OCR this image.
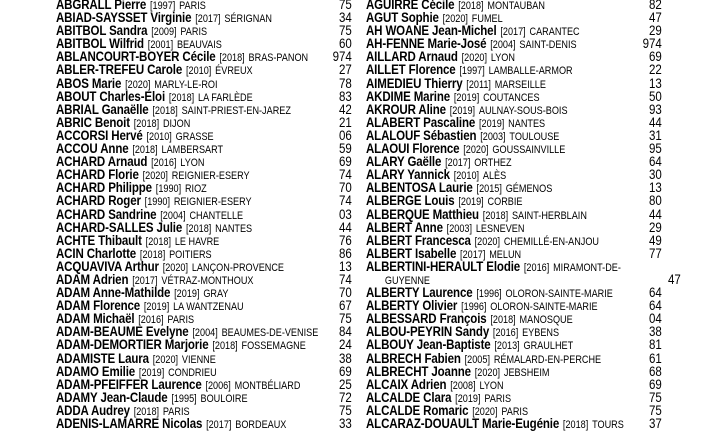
ABGRALL Pierre [1997] PARIS	75
ABIAD-SAYSSET Virginie [2017] SÉRIGNAN	34
ABITBOL Sandra [2009] PARIS	75
ABITBOL Wilfrid [2001] BEAUVAIS	60
ABLANCOURT-BOYER Cécile [2018] BRAS-PANON 974
ABLER-TREFEU Carole [2010] ÉVREUX	27
ABOS Marie [2020] MARLY-LE-ROI	78
ABOUT Charles-Eloi [2018] LA FARLÈDE	83
ABRIAL Ganaëlle [2018] SAINT-PRIEST-EN-JAREZ	42
ABRIC Benoit [2018] DIJON	21
ACCORSI Hervé [2010] GRASSE	06
ACCOU Anne [2018] LAMBERSART	59
ACHARD Arnaud [2016] LYON	69
ACHARD Florie [2020] REIGNIER-ESERY	74
ACHARD Philippe [1990] RIOZ	70
ACHARD Roger [1990] REIGNIER-ESERY	74
ACHARD Sandrine [2004] CHANTELLE	03
ACHARD-SALLES Julie [2018] NANTES	44
ACHTE Thibault [2018] LE HAVRE	76
ACIN Charlotte [2018] POITIERS	86
ACQUAVIVA Arthur [2020] LANÇON-PROVENCE	13
ADAM Adrien [2017] VÉTRAZ-MONTHOUX	74
ADAM Anne-Mathilde [2019] GRAY	70
ADAM Florence [2019] LA WANTZENAU	67
ADAM Michaël [2016] PARIS	75
ADAM-BEAUME Evelyne [2004] BEAUMES-DE-VENISE 84
ADAM-DEMORTIER Marjorie [2018] FOSSEMAGNE 24
ADAMISTE Laura [2020] VIENNE	38
ADAMO Emilie [2019] CONDRIEU	69
ADAM-PFEIFFER Laurence [2006] MONTBÉLIARD	25
ADAMY Jean-Claude [1995] BOULOIRE	72
ADDA Audrey [2018] PARIS	75
ADENIS-LAMARRE Nicolas [2017] BORDEAUX	33
AGUIRRE Cécile [2018] MONTAUBAN	82
AGUT Sophie [2020] FUMEL	47
AH WOANE Jean-Michel [2017] CARANTEC	29
AH-FENNE Marie-José [2004] SAINT-DENIS	974
AILLARD Arnaud [2020] LYON	69
AILLET Florence [1997] LAMBALLE-ARMOR	22
AIMEDIEU Thierry [2011] MARSEILLE	13
AKDIME Marine [2019] COUTANCES	50
AKROUR Aline [2019] AULNAY-SOUS-BOIS	93
ALABERT Pascaline [2019] NANTES	44
ALALOUF Sébastien [2003] TOULOUSE	31
ALAOUI Florence [2020] GOUSSAINVILLE	95
ALARY Gaëlle [2017] ORTHEZ	64
ALARY Yannick [2010] ALÈS	30
ALBENTOSA Laurie [2015] GÉMENOS	13
ALBERGE Louis [2019] CORBIE	80
ALBERQUE Matthieu [2018] SAINT-HERBLAIN	44
ALBERT Anne [2003] LESNEVEN	29
ALBERT Francesca [2020] CHEMILLÉ-EN-ANJOU	49
ALBERT Isabelle [2017] MELUN	77
ALBERTINI-HERAULT Elodie [2016] MIRAMONT-DE-
GUYENNE	47
ALBERTY Laurence [1996] OLORON-SAINTE-MARIE	64
ALBERTY Olivier [1996] OLORON-SAINTE-MARIE	64
ALBESSARD François [2018] MANOSQUE	04
ALBOU-PEYRIN Sandy [2016] EYBENS	38
ALBOUY Jean-Baptiste [2013] GRAULHET	81
ALBRECH Fabien [2005] RÉMALARD-EN-PERCHE	61
ALBRECHT Joanne [2020] JEBSHEIM	68
ALCAIX Adrien [2008] LYON	69
ALCALDE Clara [2019] PARIS	75
ALCALDE Romaric [2020] PARIS	75
ALCARAZ-DOUAULT Marie-Eugénie [2018] TOURS 37
